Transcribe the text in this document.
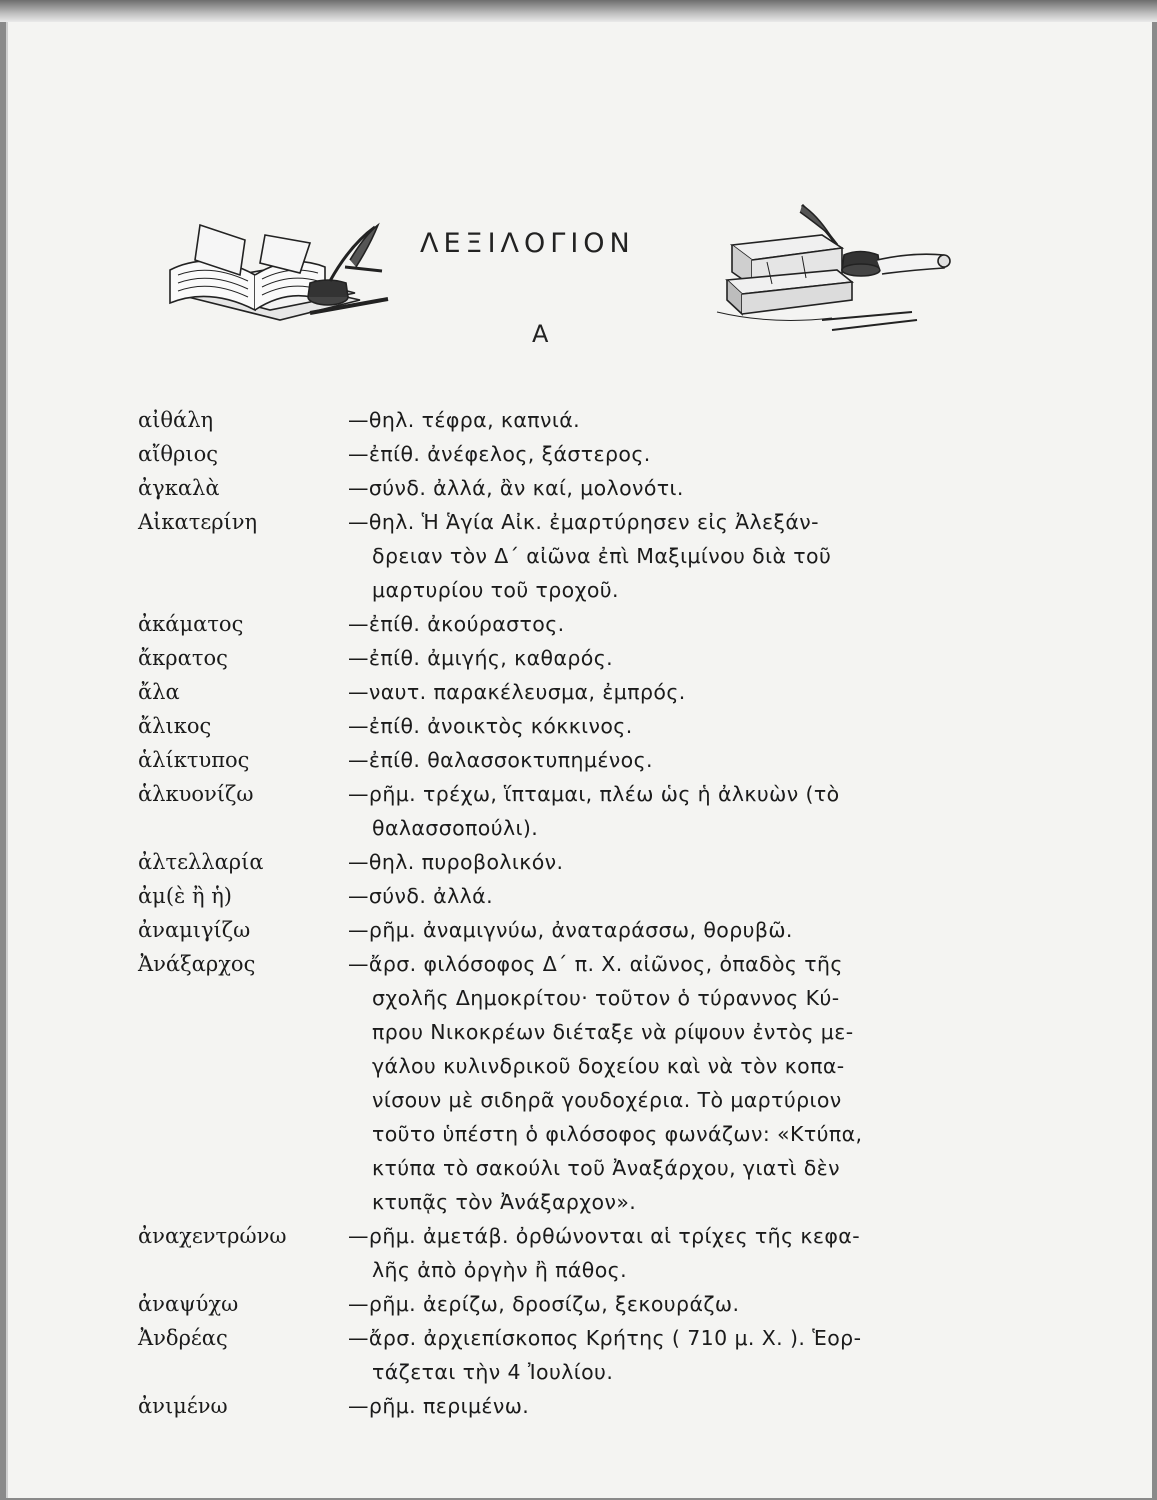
ΛΕΞΙΛΟΓΙΟΝ
Α
αἰθάλη	—θηλ. τέφρα, καπνιά.
αἴθριος	—ἐπίθ. ἀνέφελος, ξάστερος.
ἀγκαλὰ	—σύνδ. ἀλλά, ἂν καί, μολονότι.
Αἰκατερίνη	—θηλ. Ἡ Ἁγία Αἰκ. ἐμαρτύρησεν εἰς Ἀλεξάν-
δρειαν τὸν Δ΄ αἰῶνα ἐπὶ Μαξιμίνου διὰ τοῦ
μαρτυρίου τοῦ τροχοῦ.
ἀκάματος	—ἐπίθ. ἀκούραστος.
ἄκρατος	—ἐπίθ. ἀμιγής, καθαρός.
ἄλα	—ναυτ. παρακέλευσμα, ἐμπρός.
ἄλικος	—ἐπίθ. ἀνοικτὸς κόκκινος.
ἁλίκτυπος	—ἐπίθ. θαλασσοκτυπημένος.
ἁλκυονίζω	—ρῆμ. τρέχω, ἵπταμαι, πλέω ὡς ἡ ἀλκυὼν (τὸ
θαλασσοπούλι).
ἀλτελλαρία	—θηλ. πυροβολικόν.
ἀμ(ὲ ἢ ἡ)	—σύνδ. ἀλλά.
ἀναμιγίζω	—ρῆμ. ἀναμιγνύω, ἀναταράσσω, θορυβῶ.
Ἀνάξαρχος	—ἄρσ. φιλόσοφος Δ΄ π. Χ. αἰῶνος, ὀπαδὸς τῆς
σχολῆς Δημοκρίτου· τοῦτον ὁ τύραννος Κύ-
πρου Νικοκρέων διέταξε νὰ ρίψουν ἐντὸς με-
γάλου κυλινδρικοῦ δοχείου καὶ νὰ τὸν κοπα-
νίσουν μὲ σιδηρᾶ γουδοχέρια. Τὸ μαρτύριον
τοῦτο ὑπέστη ὁ φιλόσοφος φωνάζων: «Κτύπα,
κτύπα τὸ σακούλι τοῦ Ἀναξάρχου, γιατὶ δὲν
κτυπᾷς τὸν Ἀνάξαρχον».
ἀναχεντρώνω	—ρῆμ. ἀμετάβ. ὀρθώνονται αἱ τρίχες τῆς κεφα-
λῆς ἀπὸ ὀργὴν ἢ πάθος.
ἀναψύχω	—ρῆμ. ἀερίζω, δροσίζω, ξεκουράζω.
Ἀνδρέας	—ἄρσ. ἀρχιεπίσκοπος Κρήτης ( 710 μ. Χ. ). Ἑορ-
τάζεται τὴν 4 Ἰουλίου.
ἀνιμένω	—ρῆμ. περιμένω.
